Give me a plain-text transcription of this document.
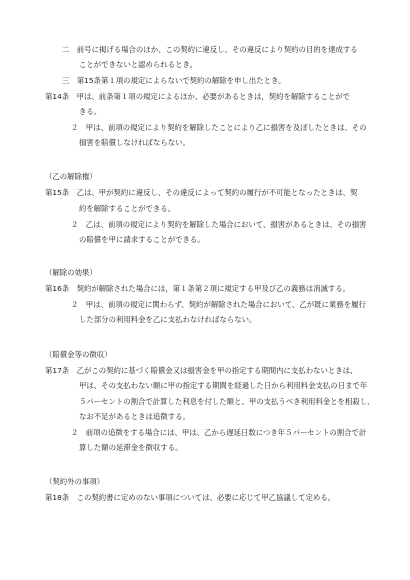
二　前号に掲げる場合のほか、この契約に違反し、その違反により契約の目的を達成する
ことができないと認められるとき。
三　第15条第１項の規定によらないで契約の解除を申し出たとき。
第14条　甲は、前条第１項の規定によるほか、必要があるときは，契約を解除することがで
きる。
２　甲は、前項の規定により契約を解除したことにより乙に損害を及ぼしたときは、その
損害を賠償しなければならない。
（乙の解除権）
第15条　乙は、甲が契約に違反し、その違反によって契約の履行が不可能となったときは、契
約を解除することができる。
２　乙は、前項の規定により契約を解除した場合において、損害があるときは、その損害
の賠償を甲に請求することができる。
（解除の効果）
第16条　契約が解除された場合には，第１条第２項に規定する甲及び乙の義務は消滅する。
２　甲は、前項の規定に関わらず、契約が解除された場合において、乙が既に業務を履行
した部分の利用料金を乙に支払わなければならない。
（賠償金等の徴収）
第17条　乙がこの契約に基づく賠償金又は損害金を甲の指定する期間内に支払わないときは、
甲は、その支払わない額に甲の指定する期間を経過した日から利用料金支払の日まで年
５パーセントの割合で計算した利息を付した額と、甲の支払うべき利用料金とを相殺し、
なお不足があるときは追徴する。
２　前項の追徴をする場合には、甲は、乙から遅延日数につき年５パーセントの割合で計
算した額の延滞金を徴収する。
（契約外の事項）
第18条　この契約書に定めのない事項については、必要に応じて甲乙協議して定める。
